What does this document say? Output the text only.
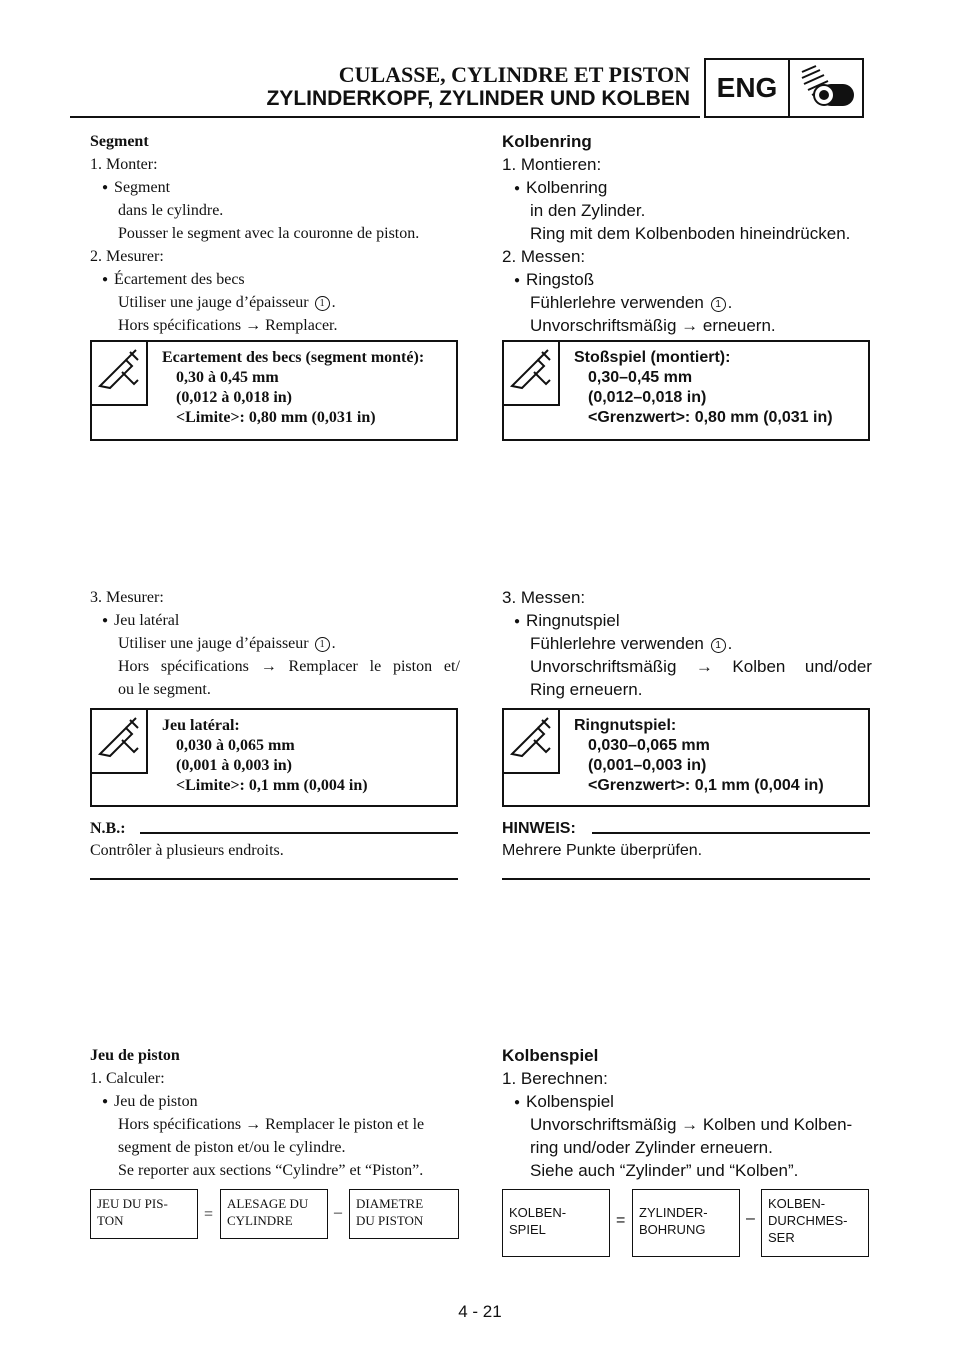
CULASSE, CYLINDRE ET PISTON
ZYLINDERKOPF, ZYLINDER UND KOLBEN ENG
Segment
1. Monter:
● Segment
dans le cylindre.
Pousser le segment avec la couronne de piston.
2. Mesurer:
● Écartement des becs
Utiliser une jauge d’épaisseur 1 .
Hors spécifications → Remplacer.
Ecartement des becs (segment monté):
0,30 à 0,45 mm
(0,012 à 0,018 in)
<Limite>: 0,80 mm (0,031 in)
3. Mesurer:
● Jeu latéral
Utiliser une jauge d’épaisseur 1 .
Hors spécifications → Remplacer le piston et/
ou le segment.
Jeu latéral:
0,030 à 0,065 mm
(0,001 à 0,003 in)
<Limite>: 0,1 mm (0,004 in)
N.B.:
Contrôler à plusieurs endroits.
Jeu de piston
1. Calculer:
● Jeu de piston
Hors spécifications → Remplacer le piston et le
segment de piston et/ou le cylindre.
Se reporter aux sections “Cylindre” et “Piston”.
JEU DU PIS-
TON	=
ALESAGE DU
CYLINDRE	–
DIAMETRE
DU PISTON
Kolbenring
1. Montieren:
● Kolbenring
in den Zylinder.
Ring mit dem Kolbenboden hineindrücken.
2. Messen:
● Ringstoß
Fühlerlehre verwenden 1 .
Unvorschriftsmäßig → erneuern.
Stoßspiel (montiert):
0,30–0,45 mm
(0,012–0,018 in)
<Grenzwert>: 0,80 mm (0,031 in)
3. Messen:
● Ringnutspiel
Fühlerlehre verwenden 1 .
Unvorschriftsmäßig → Kolben und/oder
Ring erneuern.
Ringnutspiel:
0,030–0,065 mm
(0,001–0,003 in)
<Grenzwert>: 0,1 mm (0,004 in)
HINWEIS:
Mehrere Punkte überprüfen.
Kolbenspiel
1. Berechnen:
● Kolbenspiel
Unvorschriftsmäßig → Kolben und Kolben-
ring und/oder Zylinder erneuern.
Siehe auch “Zylinder” und “Kolben”.
KOLBEN-
SPIEL
= ZYLINDER-
BOHRUNG
–
KOLBEN-
DURCHMES-
SER
4 - 21
